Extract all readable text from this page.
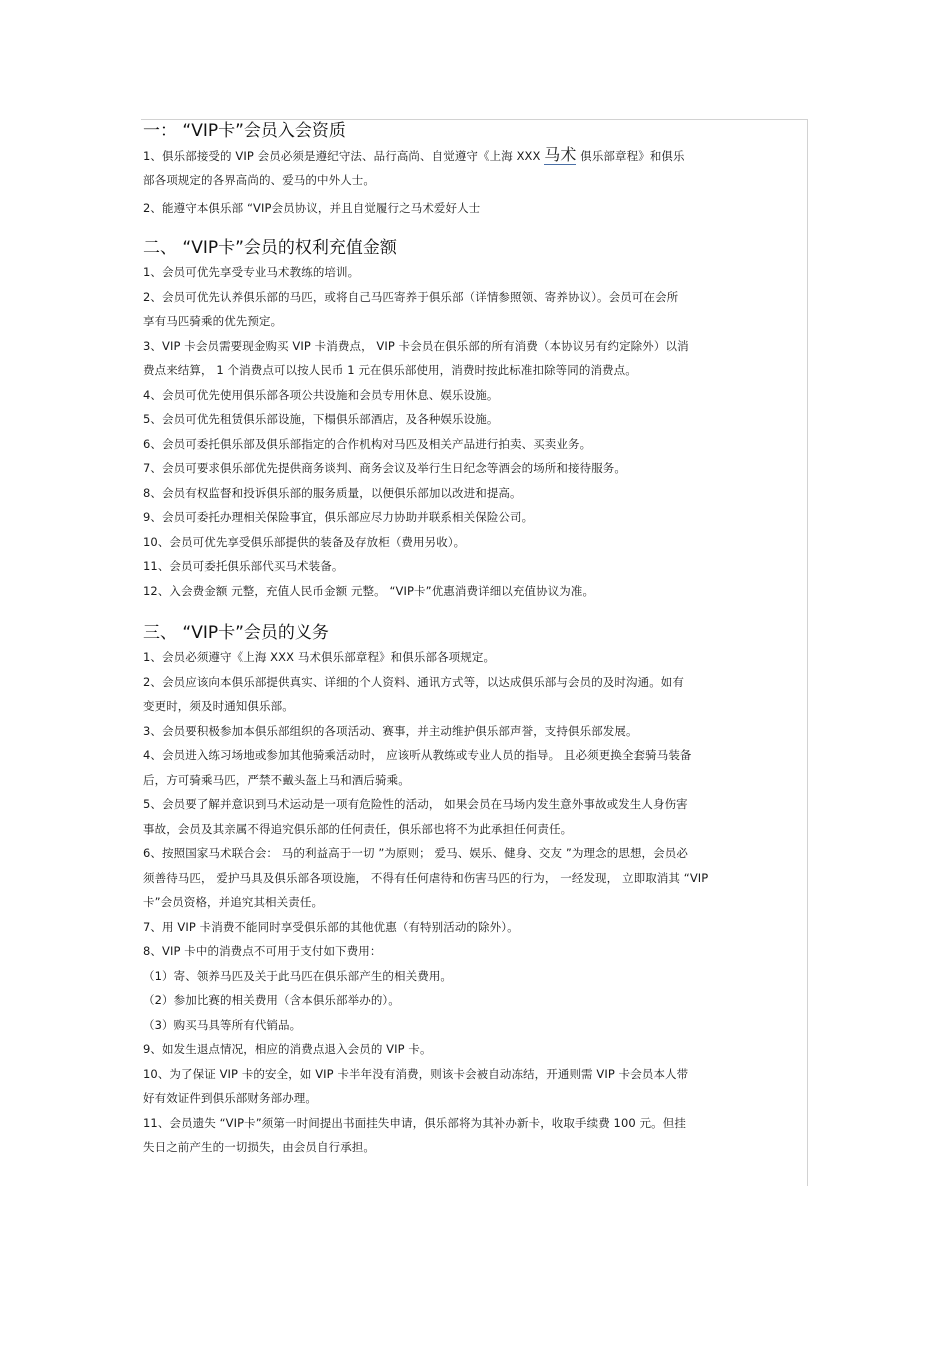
一： “VIP卡”会员入会资质

1、俱乐部接受的 VIP 会员必须是遵纪守法、品行高尚、自觉遵守《上海 XXX 马术 俱乐部章程》和俱乐

部各项规定的各界高尚的、爱马的中外人士。

2、能遵守本俱乐部 “VIP会员协议，并且自觉履行之马术爱好人士

二、 “VIP卡”会员的权利充值金额

1、会员可优先享受专业马术教练的培训。

2、会员可优先认养俱乐部的马匹，或将自己马匹寄养于俱乐部（详情参照领、寄养协议）。会员可在会所

享有马匹骑乘的优先预定。

3、VIP 卡会员需要现金购买 VIP 卡消费点， VIP 卡会员在俱乐部的所有消费（本协议另有约定除外）以消

费点来结算， 1 个消费点可以按人民币 1 元在俱乐部使用，消费时按此标准扣除等同的消费点。

4、会员可优先使用俱乐部各项公共设施和会员专用休息、娱乐设施。

5、会员可优先租赁俱乐部设施，下榻俱乐部酒店，及各种娱乐设施。

6、会员可委托俱乐部及俱乐部指定的合作机构对马匹及相关产品进行拍卖、买卖业务。

7、会员可要求俱乐部优先提供商务谈判、商务会议及举行生日纪念等酒会的场所和接待服务。

8、会员有权监督和投诉俱乐部的服务质量，以便俱乐部加以改进和提高。

9、会员可委托办理相关保险事宜，俱乐部应尽力协助并联系相关保险公司。

10、会员可优先享受俱乐部提供的装备及存放柜（费用另收）。

11、会员可委托俱乐部代买马术装备。

12、入会费金额 元整，充值人民币金额 元整。 “VIP卡”优惠消费详细以充值协议为准。

三、 “VIP卡”会员的义务

1、会员必须遵守《上海 XXX 马术俱乐部章程》和俱乐部各项规定。

2、会员应该向本俱乐部提供真实、详细的个人资料、通讯方式等，以达成俱乐部与会员的及时沟通。如有

变更时，须及时通知俱乐部。

3、会员要积极参加本俱乐部组织的各项活动、赛事，并主动维护俱乐部声誉，支持俱乐部发展。

4、会员进入练习场地或参加其他骑乘活动时， 应该听从教练或专业人员的指导。 且必须更换全套骑马装备

后，方可骑乘马匹，严禁不戴头盔上马和酒后骑乘。

5、会员要了解并意识到马术运动是一项有危险性的活动， 如果会员在马场内发生意外事故或发生人身伤害

事故，会员及其亲属不得追究俱乐部的任何责任，俱乐部也将不为此承担任何责任。

6、按照国家马术联合会： 马的利益高于一切 ”为原则； 爱马、娱乐、健身、交友 ”为理念的思想，会员必

须善待马匹， 爱护马具及俱乐部各项设施， 不得有任何虐待和伤害马匹的行为， 一经发现， 立即取消其 “VIP

卡”会员资格，并追究其相关责任。

7、用 VIP 卡消费不能同时享受俱乐部的其他优惠（有特别活动的除外）。

8、VIP 卡中的消费点不可用于支付如下费用：

（1）寄、领养马匹及关于此马匹在俱乐部产生的相关费用。

（2）参加比赛的相关费用（含本俱乐部举办的）。

（3）购买马具等所有代销品。

9、如发生退点情况，相应的消费点退入会员的 VIP 卡。

10、为了保证 VIP 卡的安全，如 VIP 卡半年没有消费，则该卡会被自动冻结，开通则需 VIP 卡会员本人带

好有效证件到俱乐部财务部办理。

11、会员遗失 “VIP卡”须第一时间提出书面挂失申请，俱乐部将为其补办新卡，收取手续费 100 元。但挂

失日之前产生的一切损失，由会员自行承担。
